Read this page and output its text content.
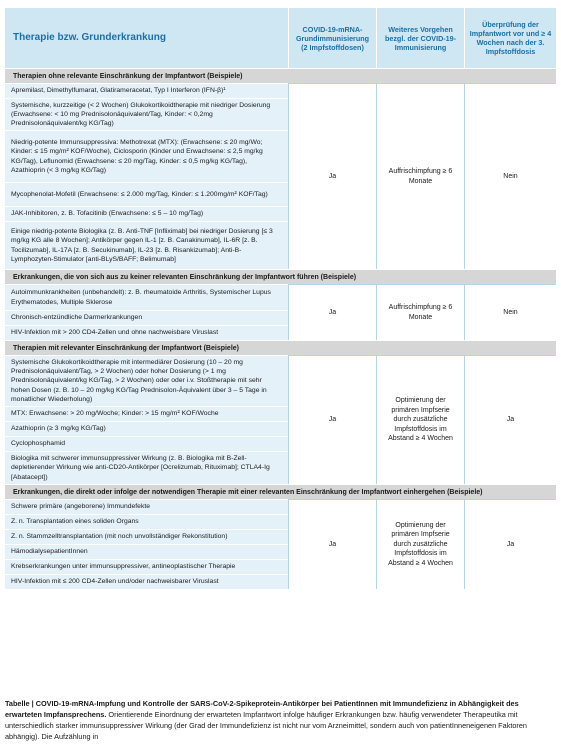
Therapie bzw. Grunderkrankung
COVID-19-mRNA-Grundimmunisierung (2 Impfstoffdosen)
Weiteres Vorgehen bezgl. der COVID-19-Immunisierung
Überprüfung der Impfantwort vor und ≥ 4 Wochen nach der 3. Impfstoffdosis
Therapien ohne relevante Einschränkung der Impfantwort (Beispiele)
Apremilast, Dimethylfumarat, Glatirameracetat, Typ I Interferon (IFN-β)¹
Systemische, kurzzeitige (< 2 Wochen) Glukokortikoidtherapie mit niedriger Dosierung (Erwachsene: < 10 mg Prednisolonäquivalent/Tag, Kinder: < 0,2mg Prednisolonäquivalent/kg KG/Tag)
Niedrig-potente Immunsuppressiva: Methotrexat (MTX): (Erwachsene: ≤ 20 mg/Wo; Kinder: ≤ 15 mg/m² KOF/Woche), Ciclosporin (Kinder und Erwachsene: ≤ 2,5 mg/kg KG/Tag), Leflunomid (Erwachsene: ≤ 20 mg/Tag, Kinder: ≤ 0,5 mg/kg KG/Tag), Azathioprin (< 3 mg/kg KG/Tag)
Mycophenolat-Mofetil (Erwachsene: ≤ 2.000 mg/Tag, Kinder: ≤ 1.200mg/m² KOF/Tag)
JAK-Inhibitoren, z. B. Tofacitinib (Erwachsene: ≤ 5 – 10 mg/Tag)
Einige niedrig-potente Biologika (z. B. Anti-TNF [Infliximab] bei niedriger Dosierung [≤ 3 mg/kg KG alle 8 Wochen]; Antikörper gegen IL-1 [z. B. Canakinumab], IL-6R [z. B. Tocilizumab], IL-17A [z. B. Secukinumab], IL-23 [z. B. Risankizumab]; Anti-B-Lymphozyten-Stimulator [anti-BLyS/BAFF; Belimumab]
Ja
Auffrischimpfung ≥ 6 Monate
Nein
Erkrankungen, die von sich aus zu keiner relevanten Einschränkung der Impfantwort führen (Beispiele)
Autoimmunkrankheiten (unbehandelt): z. B. rheumatoide Arthritis, Systemischer Lupus Erythematodes, Multiple Sklerose
Chronisch-entzündliche Darmerkrankungen
HIV-Infektion mit > 200 CD4-Zellen und ohne nachweisbare Viruslast
Ja
Auffrischimpfung ≥ 6 Monate
Nein
Therapien mit relevanter Einschränkung der Impfantwort (Beispiele)
Systemische Glukokortikoidtherapie mit intermediärer Dosierung (10 – 20 mg Prednisolonäquivalent/Tag, > 2 Wochen) oder hoher Dosierung (> 1 mg Prednisolonäquivalent/kg KG/Tag, > 2 Wochen) oder oder i.v. Stoßtherapie mit sehr hohen Dosen (z. B. 10 – 20 mg/kg KG/Tag Prednisolon-Äquivalent über 3 – 5 Tage in monatlicher Wiederholung)
MTX: Erwachsene: > 20 mg/Woche; Kinder: > 15 mg/m² KOF/Woche
Azathioprin (≥ 3 mg/kg KG/Tag)
Cyclophosphamid
Biologika mit schwerer immunsuppressiver Wirkung (z. B. Biologika mit B-Zell-depletierender Wirkung wie anti-CD20-Antikörper [Ocrelizumab, Rituximab]; CTLA4-Ig [Abatacept])
Ja
Optimierung der primären Impfserie durch zusätzliche Impfstoffdosis im Abstand ≥ 4 Wochen
Ja
Erkrankungen, die direkt oder infolge der notwendigen Therapie mit einer relevanten Einschränkung der Impfantwort einhergehen (Beispiele)
Schwere primäre (angeborene) Immundefekte
Z. n. Transplantation eines soliden Organs
Z. n. Stammzelltransplantation (mit noch unvollständiger Rekonstitution)
HämodialysepatientInnen
Krebserkrankungen unter immunsuppressiver, antineoplastischer Therapie
HIV-Infektion mit ≤ 200 CD4-Zellen und/oder nachweisbarer Viruslast
Ja
Optimierung der primären Impfserie durch zusätzliche Impfstoffdosis im Abstand ≥ 4 Wochen
Ja
Tabelle | COVID-19-mRNA-Impfung und Kontrolle der SARS-CoV-2-Spikeprotein-Antikörper bei PatientInnen mit Immundefizienz in Abhängigkeit des erwarteten Impfansprechens. Orientierende Einordnung der erwarteten Impfantwort infolge häufiger Erkrankungen bzw. häufig verwendeter Therapeutika mit unterschiedlich starker immunsuppressiver Wirkung (der Grad der Immundefizienz ist nicht nur vom Arzneimittel, sondern auch von patientInneneigenen Faktoren abhängig). Die Aufzählung in
